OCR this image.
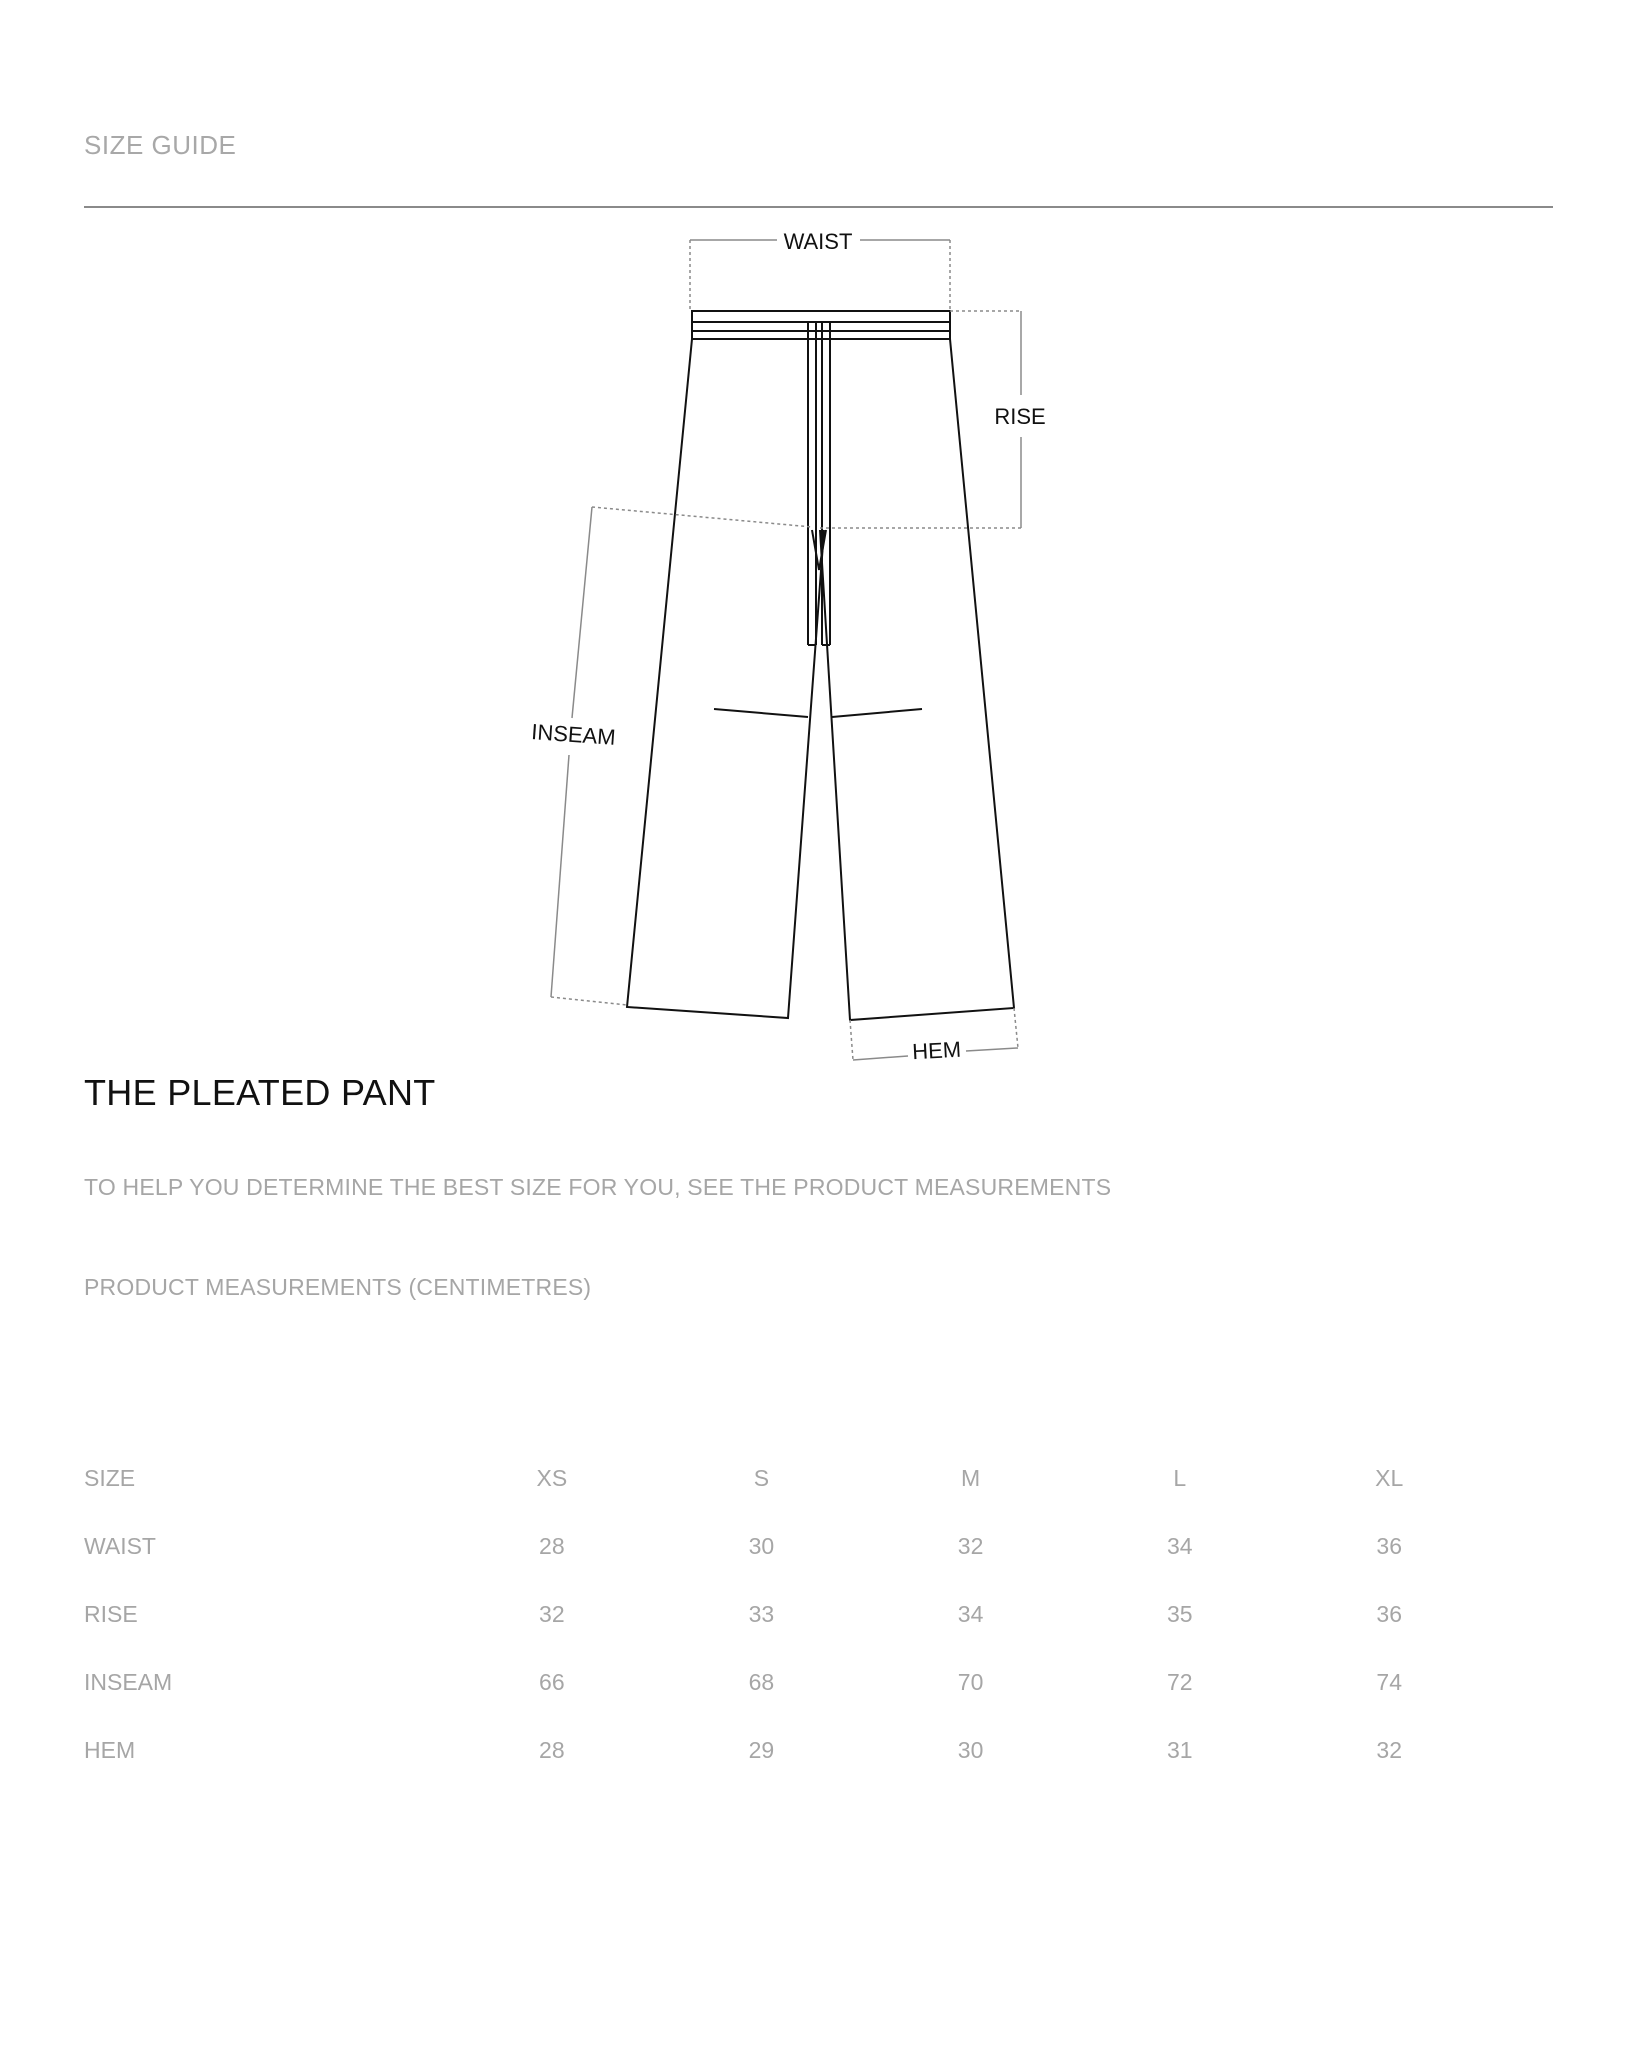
SIZE GUIDE
WAIST
RISE
INSEAM
HEM
THE PLEATED PANT

TO HELP YOU DETERMINE THE BEST SIZE FOR YOU, SEE THE PRODUCT MEASUREMENTS

PRODUCT MEASUREMENTS (CENTIMETRES)

SIZE	XS	S	M	L	XL
WAIST	28	30	32	34	36
RISE	32	33	34	35	36
INSEAM	66	68	70	72	74
HEM	28	29	30	31	32
